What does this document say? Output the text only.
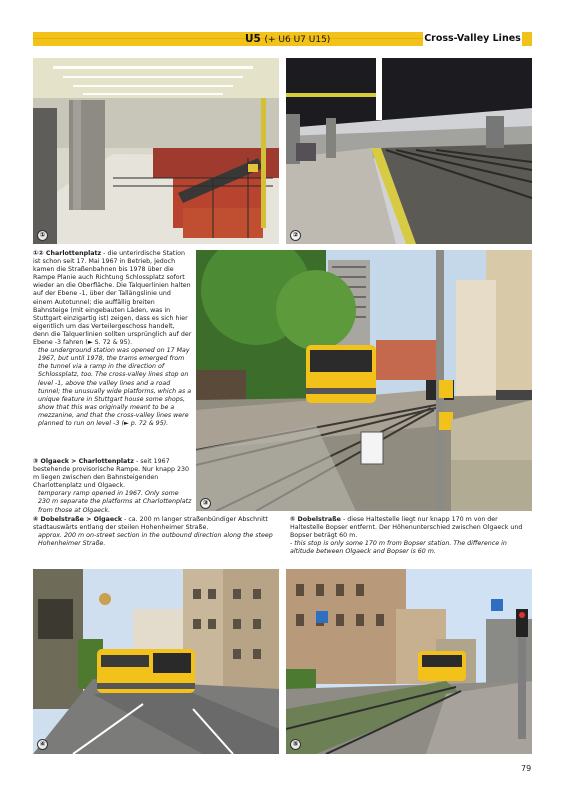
U5 (+ U6 U7 U15)	Cross-Valley Lines
①	②

①② Charlottenplatz - die unterirdische Station ist schon seit 17. Mai 1967 in Betrieb, jedoch kamen die Straßenbahnen bis 1978 über die Rampe Planie auch Richtung Schlossplatz sofort wieder an die Oberfläche. Die Talquerlinien halten auf der Ebene -1, über der Tallängslinie und einem Autotunnel; die auffällig breiten Bahnsteige (mit eingebauten Läden, was in Stuttgart einzigartig ist) zeigen, dass es sich hier eigentlich um das Verteilergeschoss handelt, denn die Talquerlinien sollten ursprünglich auf der Ebene -3 fahren (► S. 72 & 95).

the underground station was opened on 17 May 1967, but until 1978, the trams emerged from the tunnel via a ramp in the direction of Schlossplatz, too. The cross-valley lines stop on level -1, above the valley lines and a road tunnel; the unusually wide platforms, which as a unique feature in Stuttgart house some shops, show that this was originally meant to be a mezzanine, and that the cross-valley lines were planned to run on level -3 (► p. 72 & 95).

③

③ Olgaeck > Charlottenplatz - seit 1967 bestehende provisorische Rampe. Nur knapp 230 m liegen zwischen den Bahnsteigenden Charlottenplatz und Olgaeck.

temporary ramp opened in 1967. Only some 230 m separate the platforms at Charlottenplatz from those at Olgaeck.

④ Dobelstraße > Olgaeck - ca. 200 m langer straßenbündiger Abschnitt stadtauswärts entlang der steilen Hohenheimer Straße.

approx. 200 m on-street section in the outbound direction along the steep Hohenheimer Straße.

⑤ Dobelstraße - diese Haltestelle liegt nur knapp 170 m von der Haltestelle Bopser entfernt. Der Höhenunterschied zwischen Olgaeck und Bopser beträgt 60 m.

- this stop is only some 170 m from Bopser station. The difference in altitude between Olgaeck and Bopser is 60 m.

④	⑤
79
